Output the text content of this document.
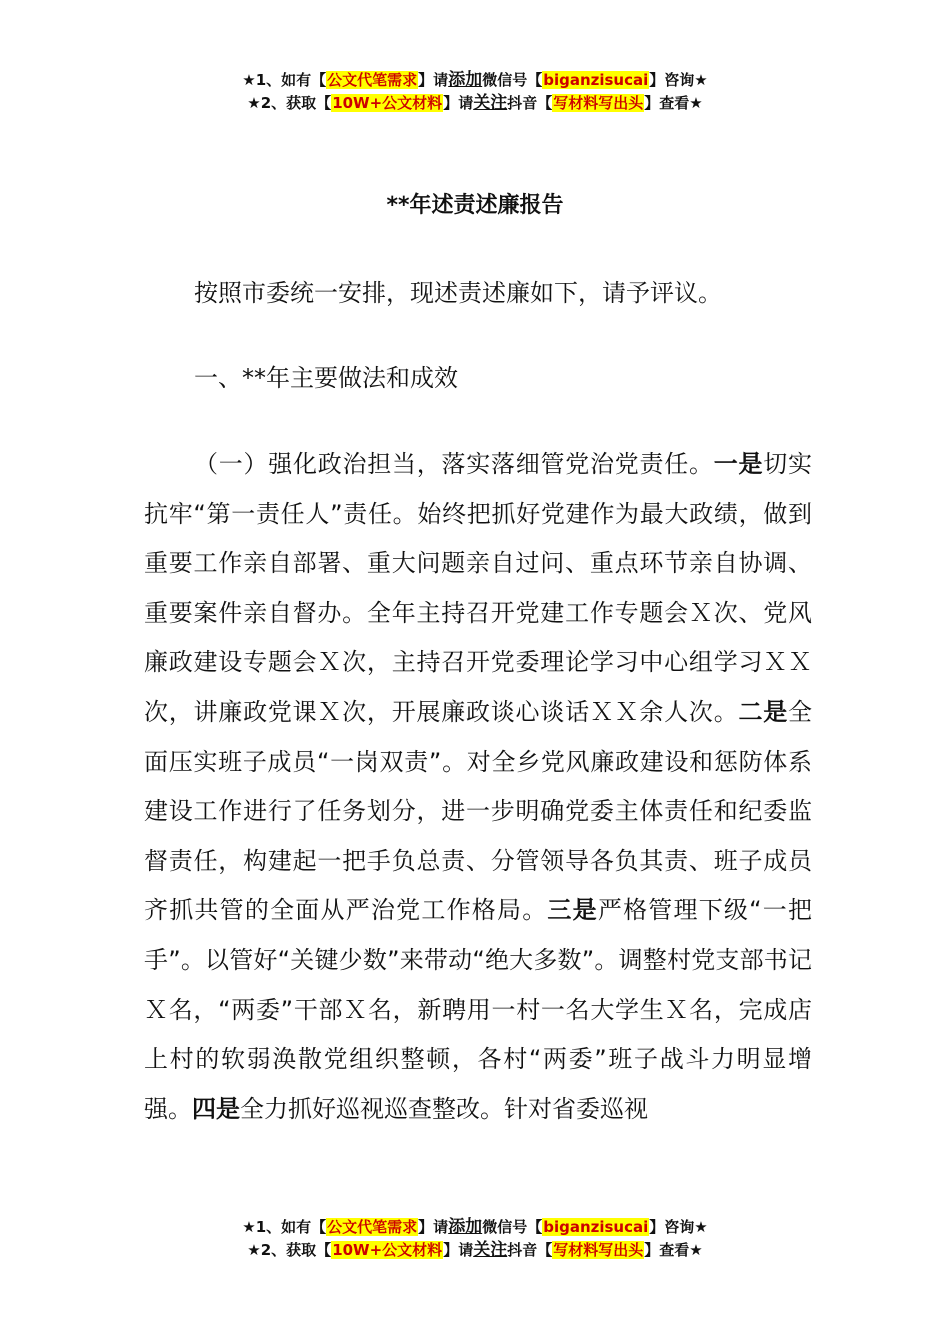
★1、如有【公文代笔需求】请添加微信号【biganzisucai】咨询★
★2、获取【10W+公文材料】请关注抖音【写材料写出头】查看★
**年述责述廉报告

按照市委统一安排，现述责述廉如下，请予评议。

一、**年主要做法和成效

（一）强化政治担当，落实落细管党治党责任。一是切实抗牢“第一责任人”责任。始终把抓好党建作为最大政绩，做到重要工作亲自部署、重大问题亲自过问、重点环节亲自协调、重要案件亲自督办。全年主持召开党建工作专题会Ｘ次、党风廉政建设专题会Ｘ次，主持召开党委理论学习中心组学习ＸＸ次，讲廉政党课Ｘ次，开展廉政谈心谈话ＸＸ余人次。二是全面压实班子成员“一岗双责”。对全乡党风廉政建设和惩防体系建设工作进行了任务划分，进一步明确党委主体责任和纪委监督责任，构建起一把手负总责、分管领导各负其责、班子成员齐抓共管的全面从严治党工作格局。三是严格管理下级“一把手”。以管好“关键少数”来带动“绝大多数”。调整村党支部书记Ｘ名，“两委”干部Ｘ名，新聘用一村一名大学生Ｘ名，完成店上村的软弱涣散党组织整顿，各村“两委”班子战斗力明显增强。四是全力抓好巡视巡查整改。针对省委巡视

★1、如有【公文代笔需求】请添加微信号【biganzisucai】咨询★
★2、获取【10W+公文材料】请关注抖音【写材料写出头】查看★
